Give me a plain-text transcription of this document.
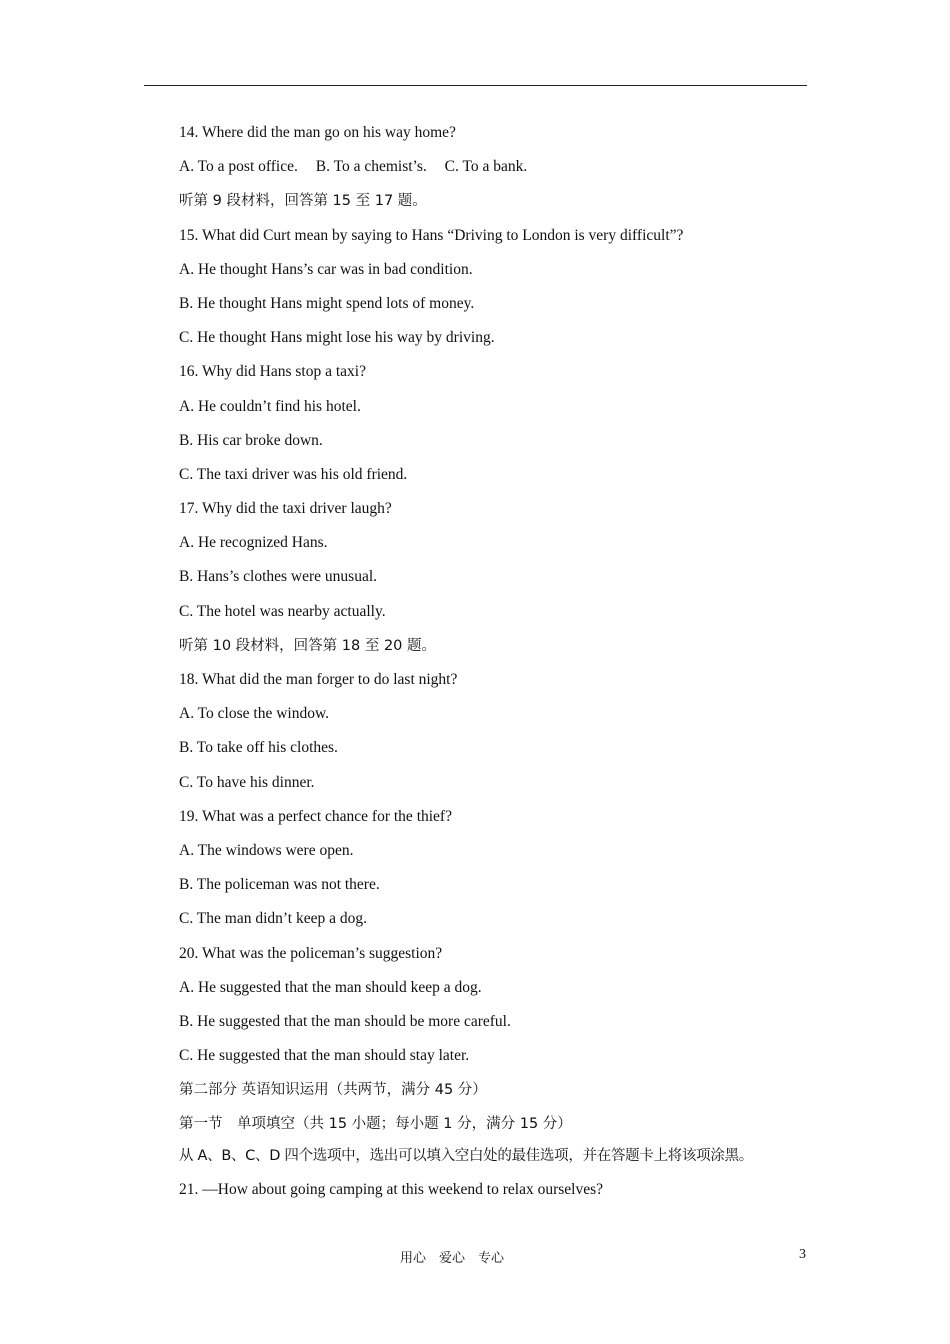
14. Where did the man go on his way home?
A. To a post office. B. To a chemist’s. C. To a bank.
听第 9 段材料，回答第 15 至 17 题。
15. What did Curt mean by saying to Hans “Driving to London is very difficult”?
A. He thought Hans’s car was in bad condition.
B. He thought Hans might spend lots of money.
C. He thought Hans might lose his way by driving.
16. Why did Hans stop a taxi?
A. He couldn’t find his hotel.
B. His car broke down.
C. The taxi driver was his old friend.
17. Why did the taxi driver laugh?
A. He recognized Hans.
B. Hans’s clothes were unusual.
C. The hotel was nearby actually.
听第 10 段材料，回答第 18 至 20 题。
18. What did the man forger to do last night?
A. To close the window.
B. To take off his clothes.
C. To have his dinner.
19. What was a perfect chance for the thief?
A. The windows were open.
B. The policeman was not there.
C. The man didn’t keep a dog.
20. What was the policeman’s suggestion?
A. He suggested that the man should keep a dog.
B. He suggested that the man should be more careful.
C. He suggested that the man should stay later.
第二部分 英语知识运用（共两节，满分 45 分）
第一节　单项填空（共 15 小题；每小题 1 分，满分 15 分）
从 A、B、C、D 四个选项中，选出可以填入空白处的最佳选项，并在答题卡上将该项涂黑。
21. —How about going camping at this weekend to relax ourselves?
用心　爱心　专心	3
